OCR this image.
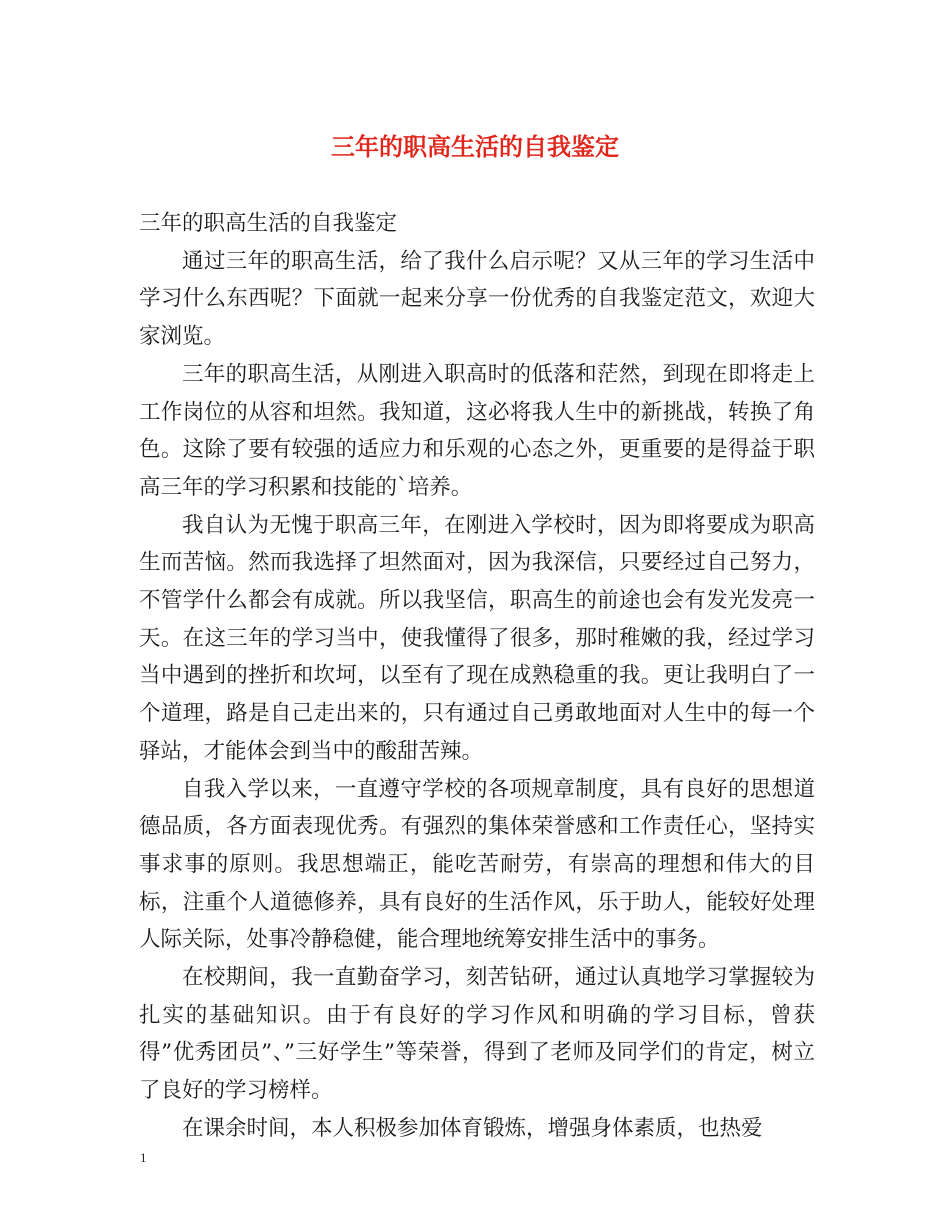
三年的职高生活的自我鉴定

三年的职高生活的自我鉴定

通过三年的职高生活，给了我什么启示呢？又从三年的学习生活中学习什么东西呢？下面就一起来分享一份优秀的自我鉴定范文，欢迎大家浏览。

三年的职高生活，从刚进入职高时的低落和茫然，到现在即将走上工作岗位的从容和坦然。我知道，这必将我人生中的新挑战，转换了角色。这除了要有较强的适应力和乐观的心态之外，更重要的是得益于职高三年的学习积累和技能的`培养。

我自认为无愧于职高三年，在刚进入学校时，因为即将要成为职高生而苦恼。然而我选择了坦然面对，因为我深信，只要经过自己努力，不管学什么都会有成就。所以我坚信，职高生的前途也会有发光发亮一天。在这三年的学习当中，使我懂得了很多，那时稚嫩的我，经过学习当中遇到的挫折和坎坷，以至有了现在成熟稳重的我。更让我明白了一个道理，路是自己走出来的，只有通过自己勇敢地面对人生中的每一个驿站，才能体会到当中的酸甜苦辣。

自我入学以来，一直遵守学校的各项规章制度，具有良好的思想道德品质，各方面表现优秀。有强烈的集体荣誉感和工作责任心，坚持实事求事的原则。我思想端正，能吃苦耐劳，有崇高的理想和伟大的目标，注重个人道德修养，具有良好的生活作风，乐于助人，能较好处理人际关际，处事冷静稳健，能合理地统筹安排生活中的事务。

在校期间，我一直勤奋学习，刻苦钻研，通过认真地学习掌握较为扎实的基础知识。由于有良好的学习作风和明确的学习目标，曾获得”优秀团员”、”三好学生”等荣誉，得到了老师及同学们的肯定，树立了良好的学习榜样。

在课余时间，本人积极参加体育锻炼，增强身体素质，也热爱

1
